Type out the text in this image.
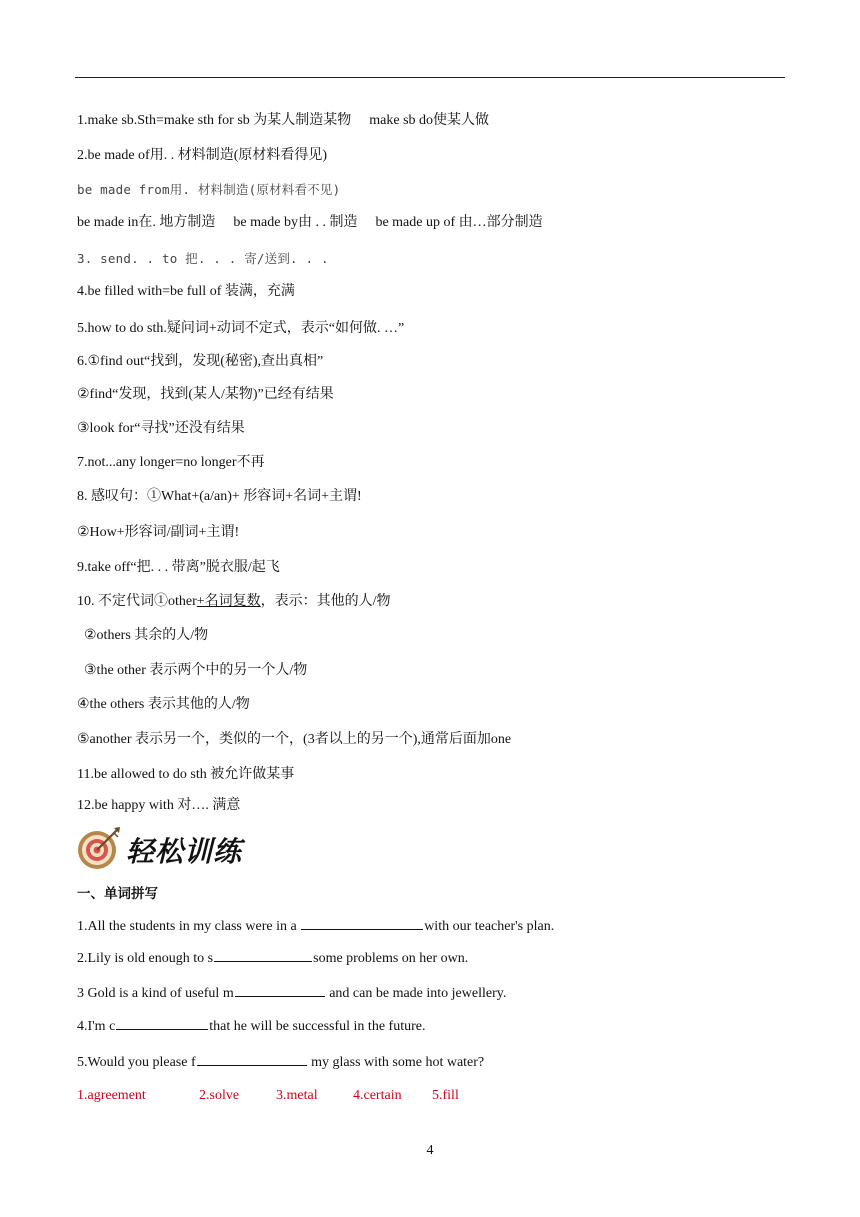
1.make sb.Sth=make sth for sb 为某人制造某物 make sb do使某人做
2.be made of用. . 材料制造(原材料看得见)
be made from用. 材料制造(原材料看不见)
be made in在. 地方制造 be made by由 . . 制造 be made up of 由…部分制造
3. send. . to 把. . . 寄/送到. . .
4.be filled with=be full of 装满，充满
5.how to do sth.疑问词+动词不定式，表示“如何做. …”
6.①find out“找到，发现(秘密),查出真相”
②find“发现，找到(某人/某物)”已经有结果
③look for“寻找”还没有结果
7.not...any longer=no longer不再
8. 感叹句：①What+(a/an)+ 形容词+名词+主谓!
②How+形容词/副词+主谓!
9.take off“把. . . 带离”脱衣服/起飞
10. 不定代词①other+名词复数，表示：其他的人/物
②others 其余的人/物
③the other 表示两个中的另一个人/物
④the others 表示其他的人/物
⑤another 表示另一个，类似的一个，(3者以上的另一个),通常后面加one
11.be allowed to do sth 被允许做某事
12.be happy with 对…. 满意
轻松训练
一、单词拼写
1.All the students in my class were in a	with our teacher's plan.
2.Lily is old enough to s	some problems on her own.
3 Gold is a kind of useful m	and can be made into jewellery.
4.I'm c	that he will be successful in the future.
5.Would you please f	my glass with some hot water?
1.agreement	2.solve	3.metal	4.certain 5.fill
4
